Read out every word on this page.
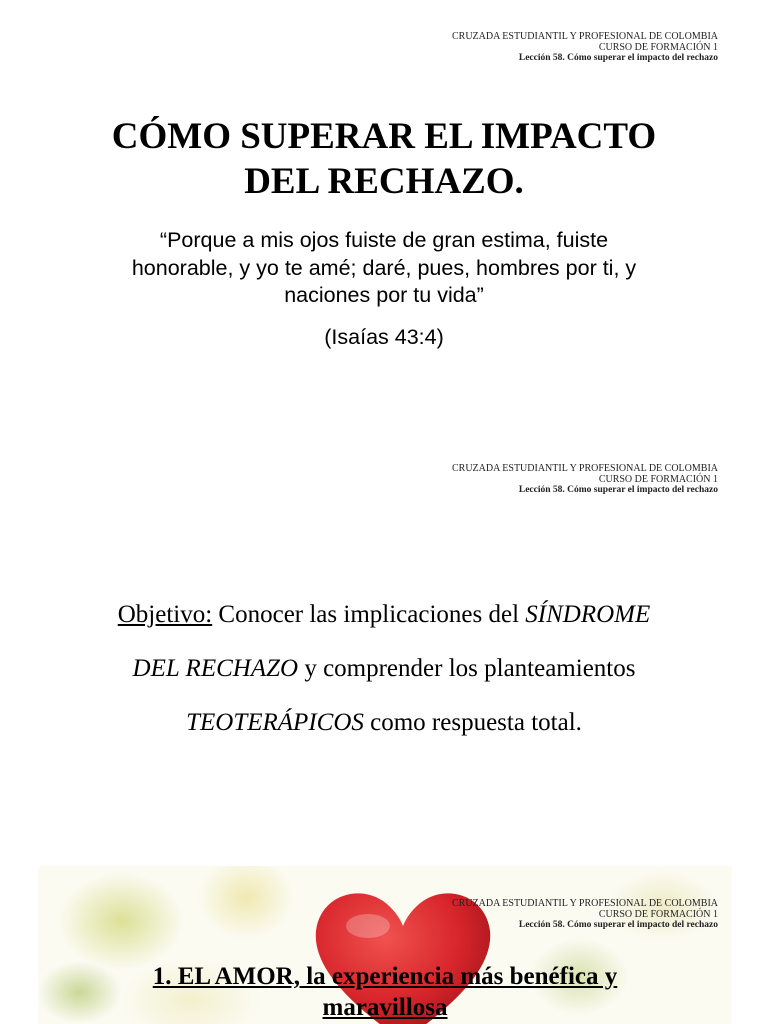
CRUZADA ESTUDIANTIL Y PROFESIONAL DE COLOMBIA
CURSO DE FORMACIÓN 1
Lección 58. Cómo superar el impacto del rechazo
CÓMO SUPERAR EL IMPACTO
DEL RECHAZO.

“Porque a mis ojos fuiste de gran estima, fuiste
honorable, y yo te amé; daré, pues, hombres por ti, y
naciones por tu vida”

(Isaías 43:4)

CRUZADA ESTUDIANTIL Y PROFESIONAL DE COLOMBIA
CURSO DE FORMACIÓN 1
Lección 58. Cómo superar el impacto del rechazo

Objetivo: Conocer las implicaciones del SÍNDROME
DEL RECHAZO y comprender los planteamientos
TEOTERÁPICOS como respuesta total.

CRUZADA ESTUDIANTIL Y PROFESIONAL DE COLOMBIA
CURSO DE FORMACIÓN 1
Lección 58. Cómo superar el impacto del rechazo
1. EL AMOR, la experiencia más benéfica y
maravillosa
